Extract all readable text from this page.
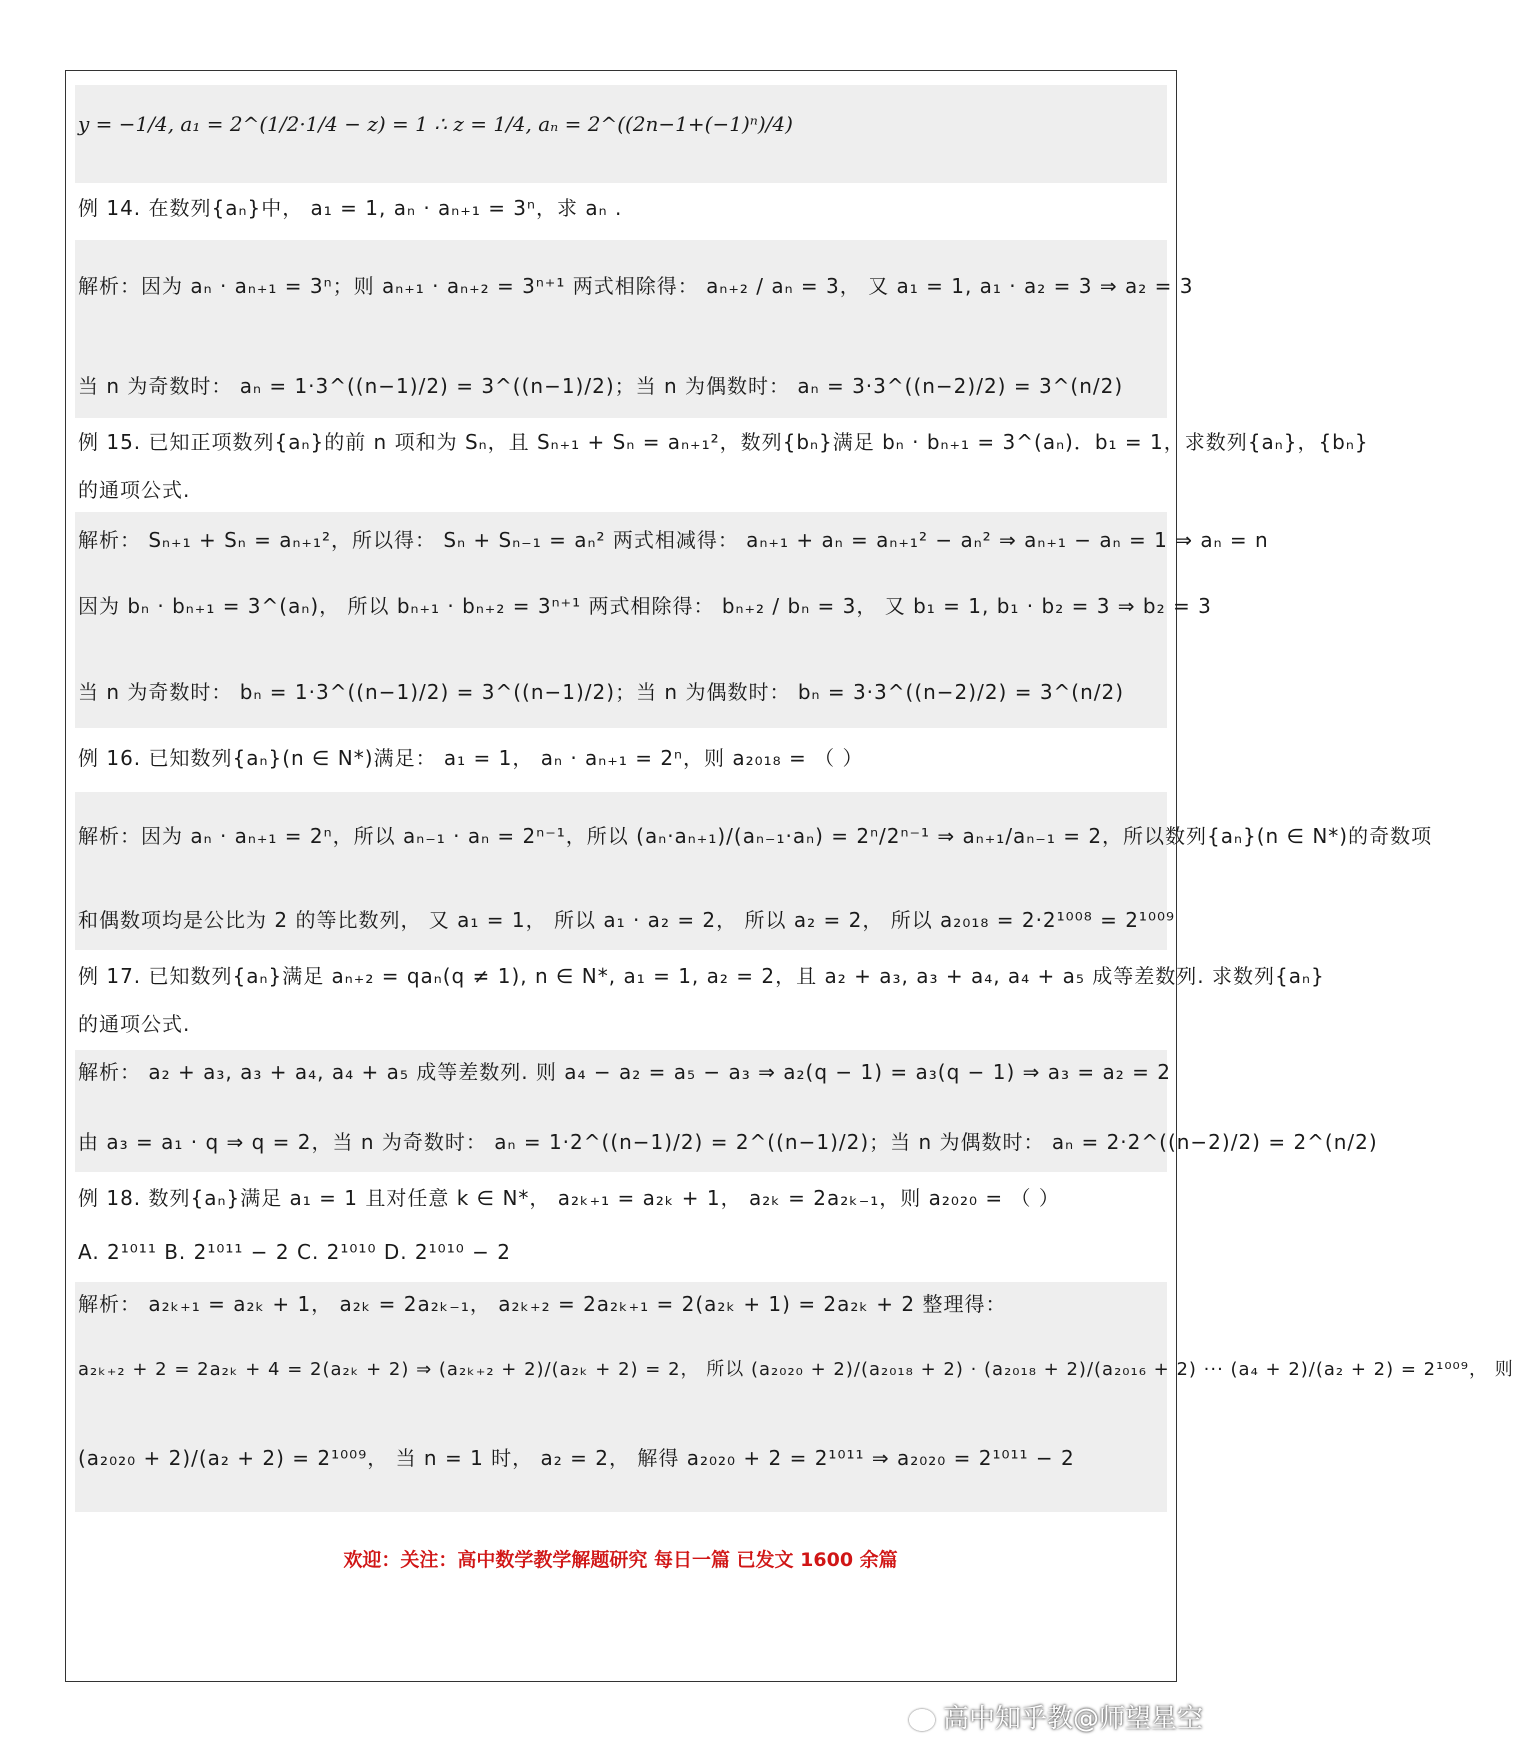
y = −1/4, a₁ = 2^(1/2·1/4 − z) = 1 ∴ z = 1/4, aₙ = 2^((2n−1+(−1)ⁿ)/4)
例 14. 在数列{aₙ}中， a₁ = 1, aₙ · aₙ₊₁ = 3ⁿ，求 aₙ .
解析：因为 aₙ · aₙ₊₁ = 3ⁿ；则 aₙ₊₁ · aₙ₊₂ = 3ⁿ⁺¹ 两式相除得： aₙ₊₂ / aₙ = 3， 又 a₁ = 1, a₁ · a₂ = 3 ⇒ a₂ = 3
当 n 为奇数时： aₙ = 1·3^((n−1)/2) = 3^((n−1)/2)；当 n 为偶数时： aₙ = 3·3^((n−2)/2) = 3^(n/2)
例 15. 已知正项数列{aₙ}的前 n 项和为 Sₙ，且 Sₙ₊₁ + Sₙ = aₙ₊₁²，数列{bₙ}满足 bₙ · bₙ₊₁ = 3^(aₙ)．b₁ = 1，求数列{aₙ}，{bₙ}
的通项公式.
解析： Sₙ₊₁ + Sₙ = aₙ₊₁²，所以得： Sₙ + Sₙ₋₁ = aₙ² 两式相减得： aₙ₊₁ + aₙ = aₙ₊₁² − aₙ² ⇒ aₙ₊₁ − aₙ = 1 ⇒ aₙ = n
因为 bₙ · bₙ₊₁ = 3^(aₙ)， 所以 bₙ₊₁ · bₙ₊₂ = 3ⁿ⁺¹ 两式相除得： bₙ₊₂ / bₙ = 3， 又 b₁ = 1, b₁ · b₂ = 3 ⇒ b₂ = 3
当 n 为奇数时： bₙ = 1·3^((n−1)/2) = 3^((n−1)/2)；当 n 为偶数时： bₙ = 3·3^((n−2)/2) = 3^(n/2)
例 16. 已知数列{aₙ}(n ∈ N*)满足： a₁ = 1， aₙ · aₙ₊₁ = 2ⁿ，则 a₂₀₁₈ = （ ）
解析：因为 aₙ · aₙ₊₁ = 2ⁿ，所以 aₙ₋₁ · aₙ = 2ⁿ⁻¹，所以 (aₙ·aₙ₊₁)/(aₙ₋₁·aₙ) = 2ⁿ/2ⁿ⁻¹ ⇒ aₙ₊₁/aₙ₋₁ = 2，所以数列{aₙ}(n ∈ N*)的奇数项
和偶数项均是公比为 2 的等比数列， 又 a₁ = 1， 所以 a₁ · a₂ = 2， 所以 a₂ = 2， 所以 a₂₀₁₈ = 2·2¹⁰⁰⁸ = 2¹⁰⁰⁹
例 17. 已知数列{aₙ}满足 aₙ₊₂ = qaₙ(q ≠ 1), n ∈ N*, a₁ = 1, a₂ = 2，且 a₂ + a₃, a₃ + a₄, a₄ + a₅ 成等差数列. 求数列{aₙ}
的通项公式.
解析： a₂ + a₃, a₃ + a₄, a₄ + a₅ 成等差数列. 则 a₄ − a₂ = a₅ − a₃ ⇒ a₂(q − 1) = a₃(q − 1) ⇒ a₃ = a₂ = 2
由 a₃ = a₁ · q ⇒ q = 2，当 n 为奇数时： aₙ = 1·2^((n−1)/2) = 2^((n−1)/2)；当 n 为偶数时： aₙ = 2·2^((n−2)/2) = 2^(n/2)
例 18. 数列{aₙ}满足 a₁ = 1 且对任意 k ∈ N*， a₂ₖ₊₁ = a₂ₖ + 1， a₂ₖ = 2a₂ₖ₋₁，则 a₂₀₂₀ = （ ）
A. 2¹⁰¹¹ B. 2¹⁰¹¹ − 2 C. 2¹⁰¹⁰ D. 2¹⁰¹⁰ − 2
解析： a₂ₖ₊₁ = a₂ₖ + 1， a₂ₖ = 2a₂ₖ₋₁， a₂ₖ₊₂ = 2a₂ₖ₊₁ = 2(a₂ₖ + 1) = 2a₂ₖ + 2 整理得：
a₂ₖ₊₂ + 2 = 2a₂ₖ + 4 = 2(a₂ₖ + 2) ⇒ (a₂ₖ₊₂ + 2)/(a₂ₖ + 2) = 2， 所以 (a₂₀₂₀ + 2)/(a₂₀₁₈ + 2) · (a₂₀₁₈ + 2)/(a₂₀₁₆ + 2) ··· (a₄ + 2)/(a₂ + 2) = 2¹⁰⁰⁹， 则
(a₂₀₂₀ + 2)/(a₂ + 2) = 2¹⁰⁰⁹， 当 n = 1 时， a₂ = 2， 解得 a₂₀₂₀ + 2 = 2¹⁰¹¹ ⇒ a₂₀₂₀ = 2¹⁰¹¹ − 2
欢迎：关注：高中数学教学解题研究 每日一篇 已发文 1600 余篇
高中知乎教@师望星空
